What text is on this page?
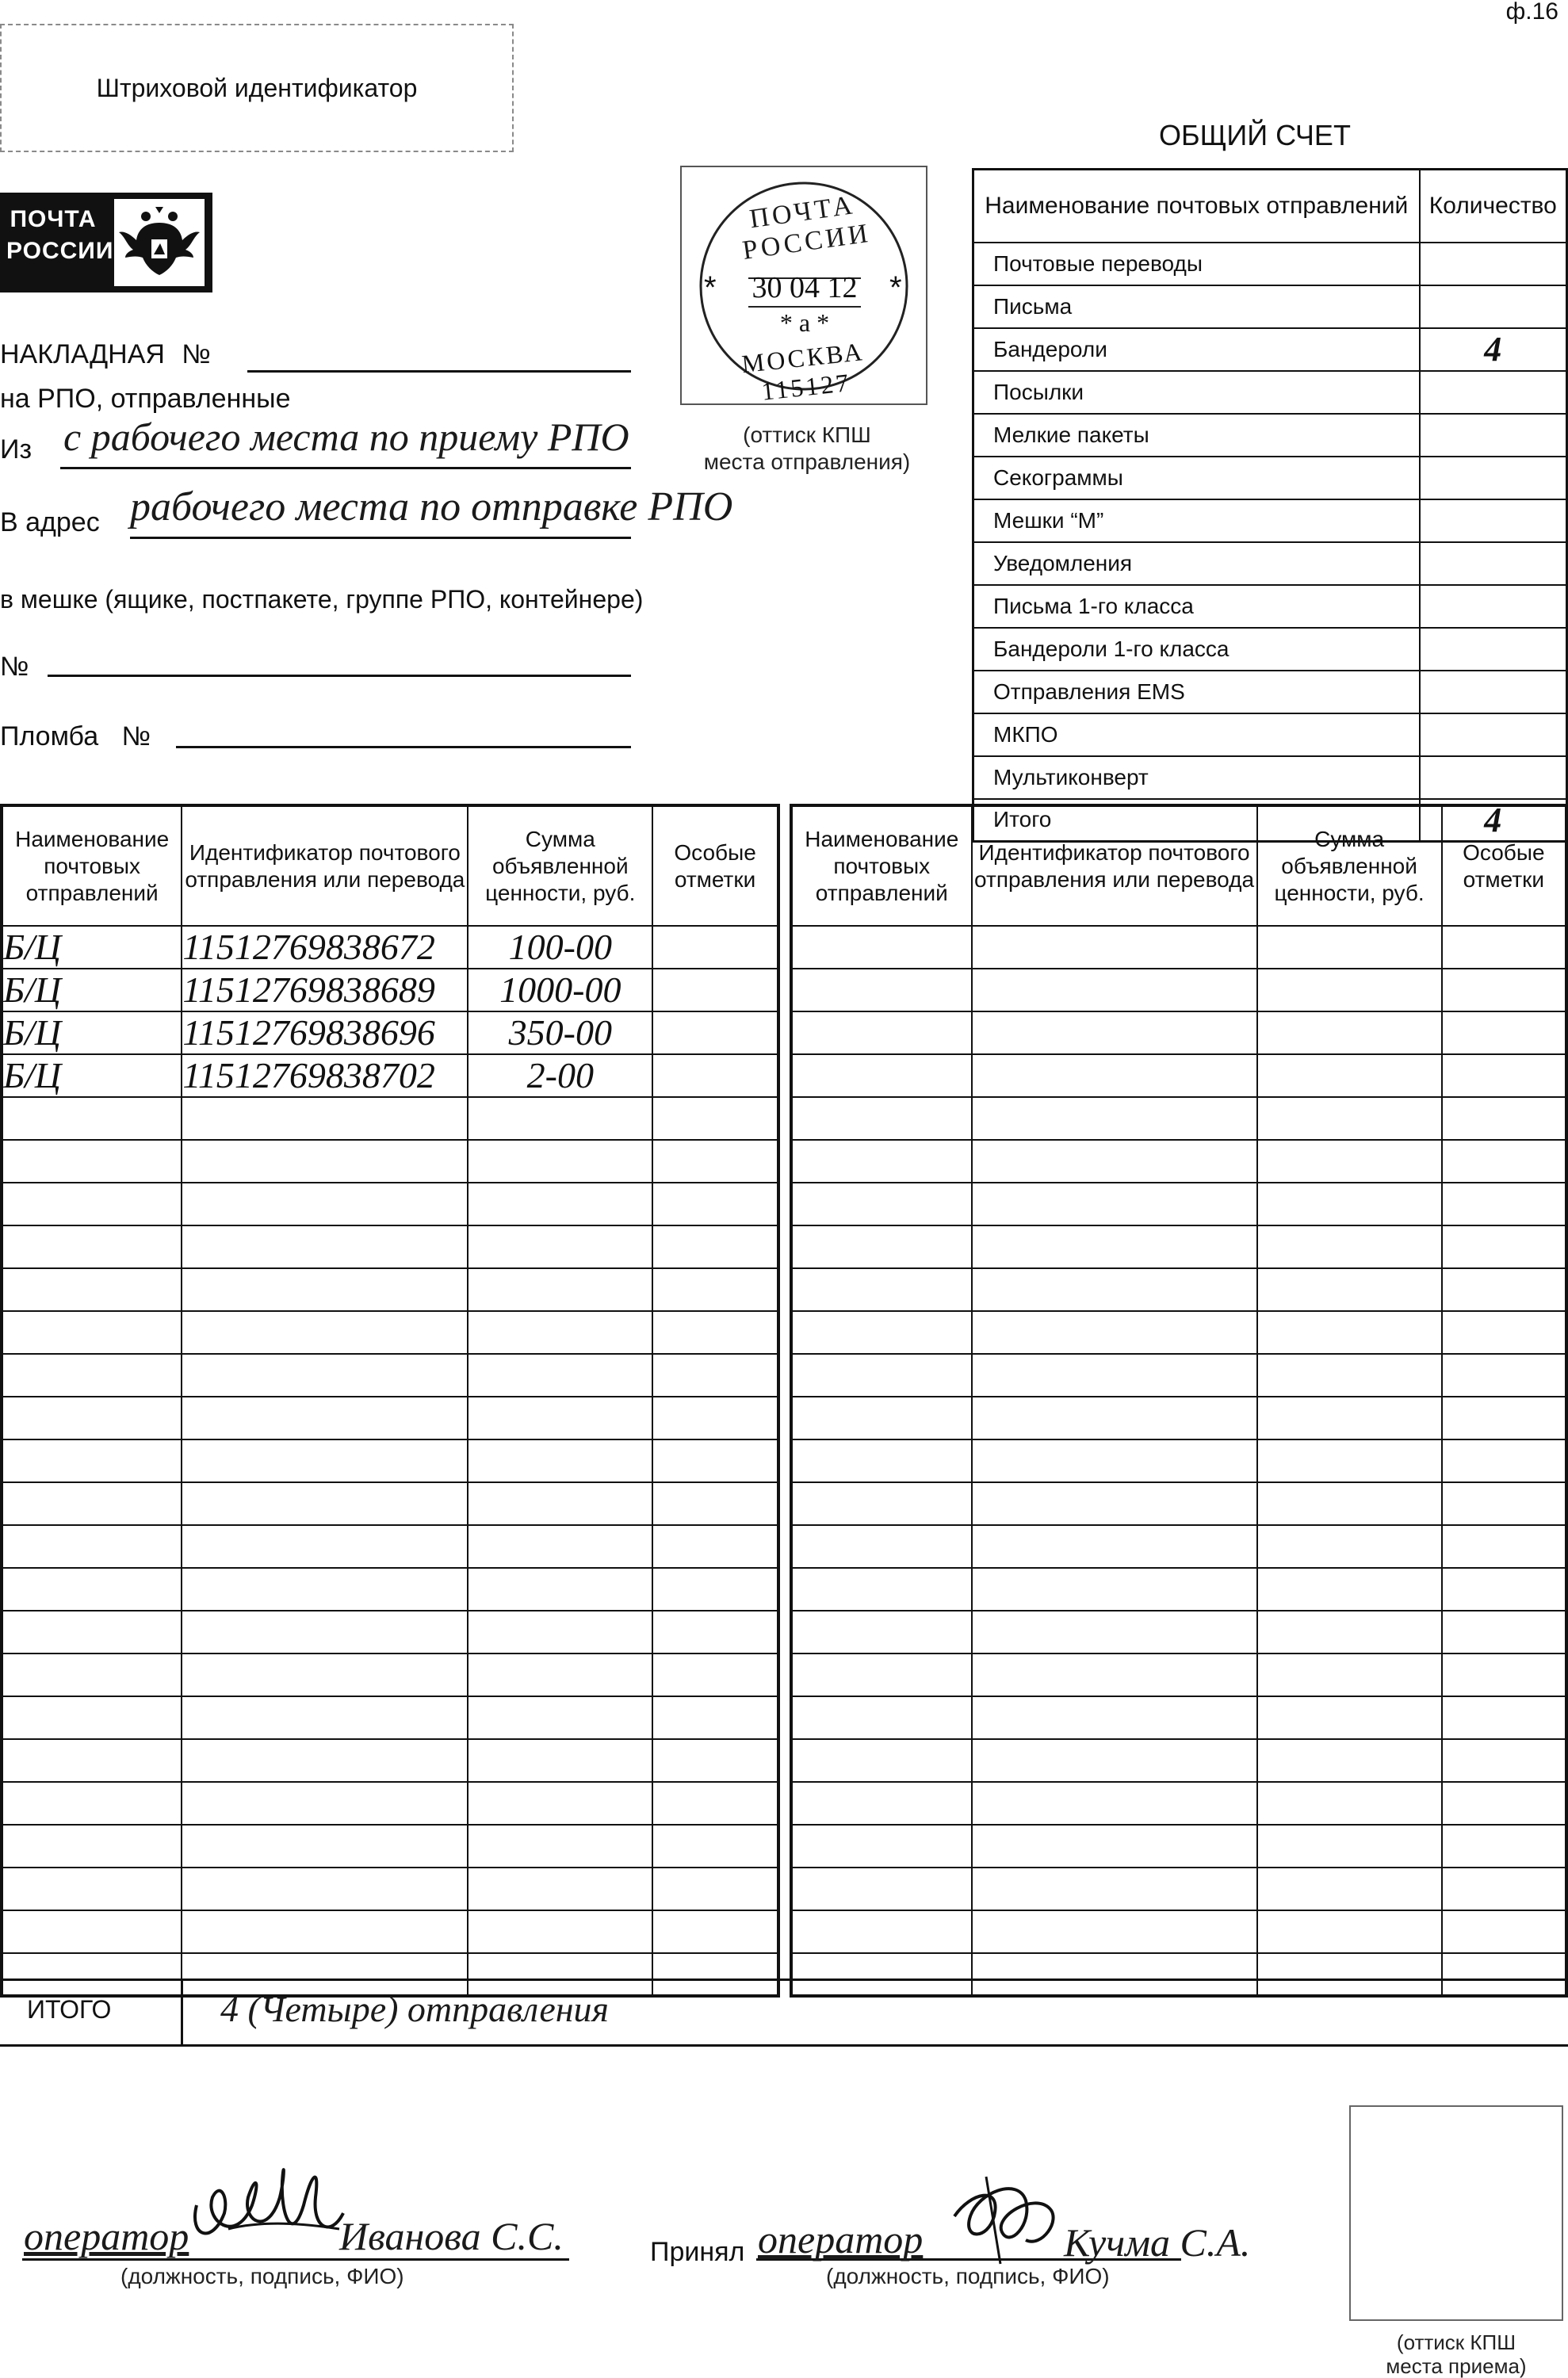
ф.16
Штриховой идентификатор
ПОЧТА
РОССИИ
ПОЧТА РОССИИ
30 04 12
* а *
*	*
МОСКВА 115127
(оттиск КПШ
места отправления)
НАКЛАДНАЯ №
на РПО, отправленные
Из с рабочего места по приему РПО
В адрес рабочего места по отправке РПО
в мешке (ящике, постпакете, группе РПО, контейнере)
№
Пломба №
ОБЩИЙ СЧЕТ
Наименование почтовых отправлений	Количество
Почтовые переводы	
Письма	
Бандероли	4
Посылки	
Мелкие пакеты	
Секограммы	
Мешки “М”	
Уведомления	
Письма 1-го класса	
Бандероли 1-го класса	
Отправления EMS	
МКПО	
Мультиконверт	
Итого	4
Наименование почтовых отправлений	Идентификатор почтового отправления или перевода	Сумма объявленной ценности, руб.	Особые отметки
Б/Ц	11512769838672	100-00	
Б/Ц	11512769838689	1000-00	
Б/Ц	11512769838696	350-00	
Б/Ц	11512769838702	2-00	

Наименование почтовых отправлений	Идентификатор почтового отправления или перевода	Сумма объявленной ценности, руб.	Особые отметки

ИТОГО	4 (Четыре) отправления
оператор	Иванова С.С.
(должность, подпись, ФИО)
Принял оператор	Кучма С.А.
(должность, подпись, ФИО)
(оттиск КПШ
места приема)
